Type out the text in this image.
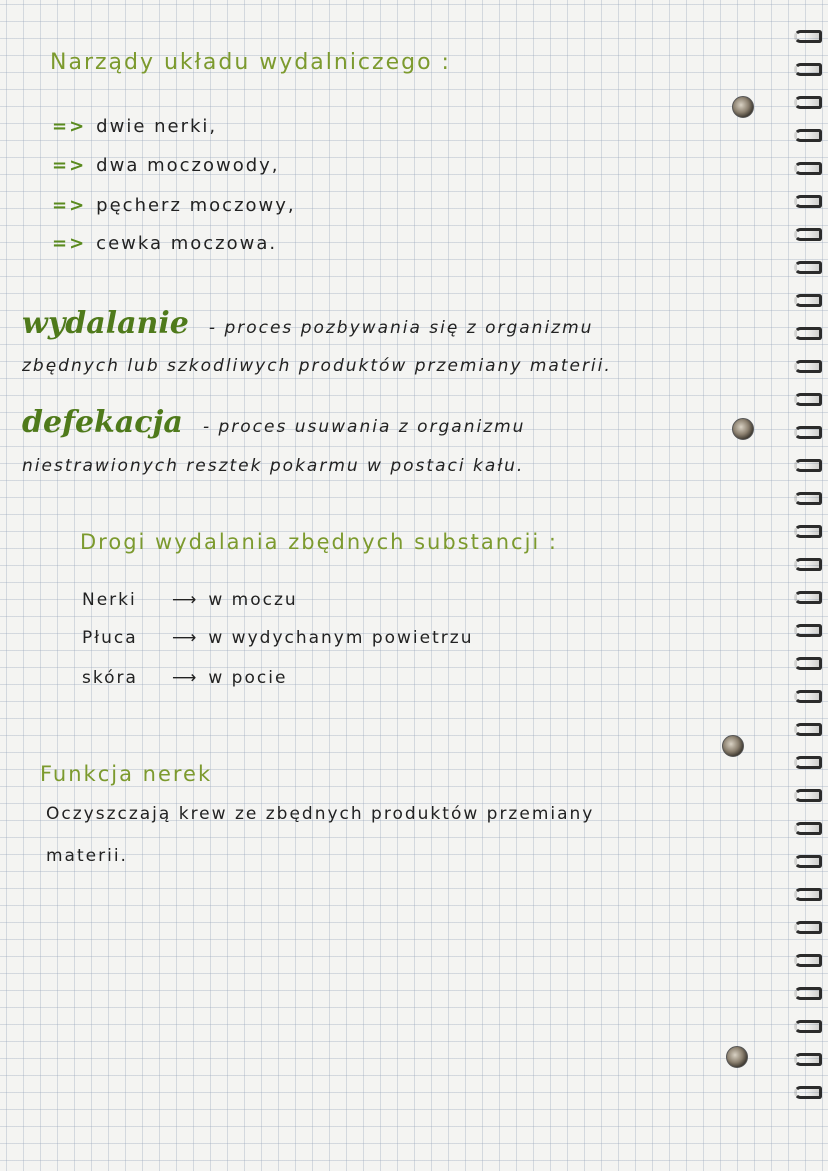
Narządy układu wydalniczego :
=> dwie nerki,
=> dwa moczowody,
=> pęcherz moczowy,
=> cewka moczowa.
wydalanie - proces pozbywania się z organizmu
zbędnych lub szkodliwych produktów przemiany materii.
defekacja - proces usuwania z organizmu
niestrawionych resztek pokarmu w postaci kału.
Drogi wydalania zbędnych substancji :
Nerki ⟶ w moczu
Płuca ⟶ w wydychanym powietrzu
skóra ⟶ w pocie
Funkcja nerek
Oczyszczają krew ze zbędnych produktów przemiany
materii.
